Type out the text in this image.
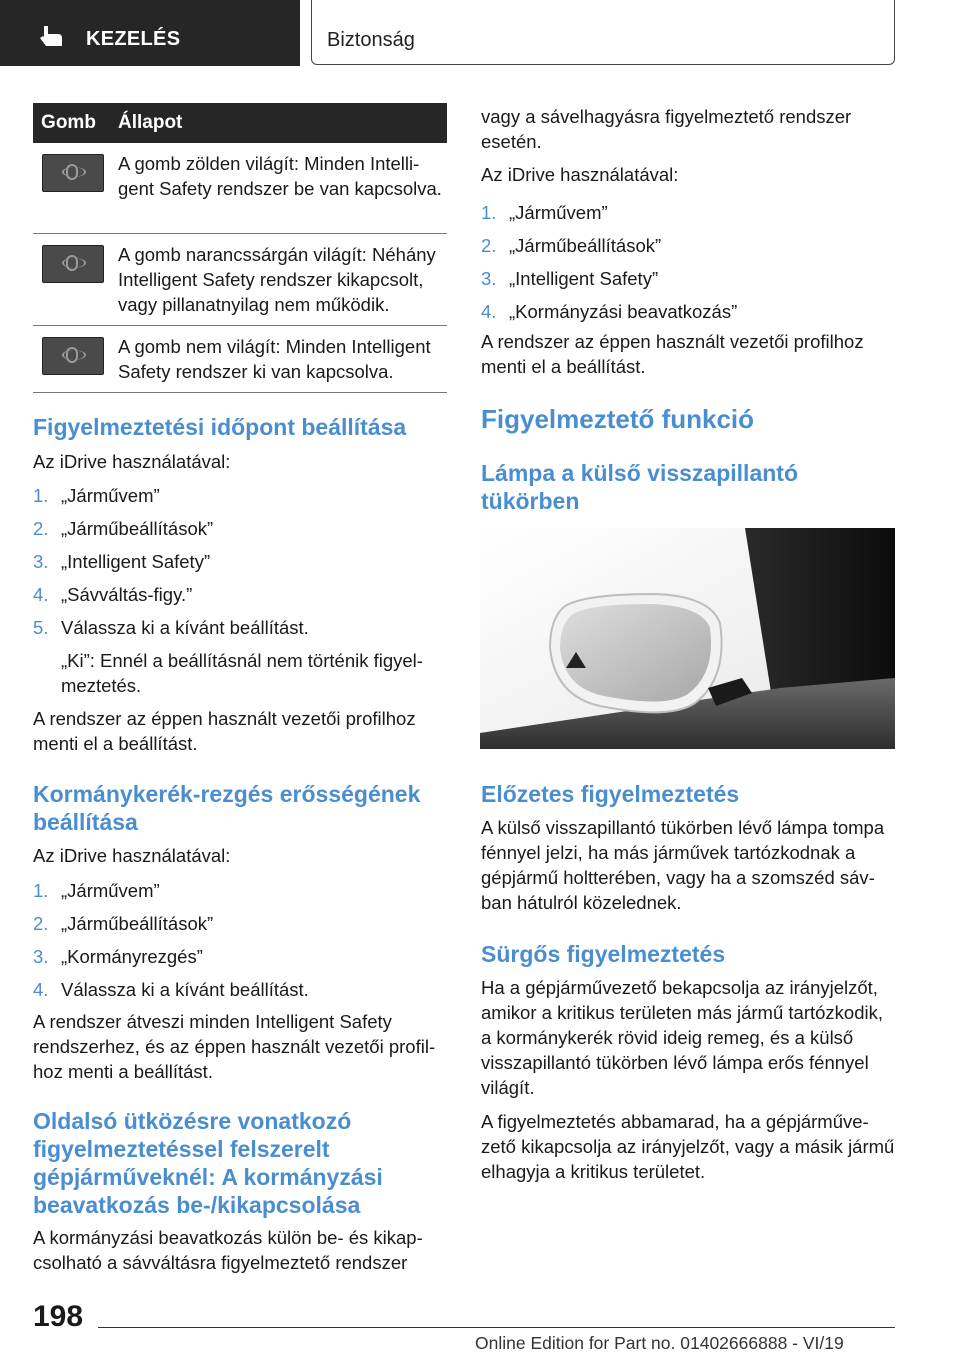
KEZELÉS	Biztonság
Gomb	Állapot

	A gomb zölden világít: Minden Intelligent Safety rendszer be van kapcsolva.

	A gomb narancssárgán világít: Néhány Intelligent Safety rendszer kikapcsolt, vagy pillanatnyilag nem működik.

	A gomb nem világít: Minden Intelligent Safety rendszer ki van kapcsolva.
Figyelmeztetési időpont beállítása

Az iDrive használatával:

1. „Járművem”
2. „Járműbeállítások”
3. „Intelligent Safety”
4. „Sávváltás-figy.”
5. Válassza ki a kívánt beállítást.

„Ki”: Ennél a beállításnál nem történik figyelmeztetés.

A rendszer az éppen használt vezetői profilhoz menti el a beállítást.

Kormánykerék-rezgés erősségének beállítása

Az iDrive használatával:

1. „Járművem”
2. „Járműbeállítások”
3. „Kormányrezgés”
4. Válassza ki a kívánt beállítást.

A rendszer átveszi minden Intelligent Safety rendszerhez, és az éppen használt vezetői profilhoz menti a beállítást.

Oldalsó ütközésre vonatkozó figyelmeztetéssel felszerelt gépjárműveknél: A kormányzási beavatkozás be-/kikapcsolása

A kormányzási beavatkozás külön be- és kikapcsolható a sávváltásra figyelmeztető rendszer

vagy a sávelhagyásra figyelmeztető rendszer esetén.

Az iDrive használatával:

1. „Járművem”
2. „Járműbeállítások”
3. „Intelligent Safety”
4. „Kormányzási beavatkozás”

A rendszer az éppen használt vezetői profilhoz menti el a beállítást.

Figyelmeztető funkció
Lámpa a külső visszapillantó tükörben
Előzetes figyelmeztetés

A külső visszapillantó tükörben lévő lámpa tompa fénnyel jelzi, ha más járművek tartózkodnak a gépjármű holtterében, vagy ha a szomszéd sávban hátulról közelednek.

Sürgős figyelmeztetés

Ha a gépjárművezető bekapcsolja az irányjelzőt, amikor a kritikus területen más jármű tartózkodik, a kormánykerék rövid ideig remeg, és a külső visszapillantó tükörben lévő lámpa erős fénnyel világít.

A figyelmeztetés abbamarad, ha a gépjárművezető kikapcsolja az irányjelzőt, vagy a másik jármű elhagyja a kritikus területet.

198
Online Edition for Part no. 01402666888 - VI/19
